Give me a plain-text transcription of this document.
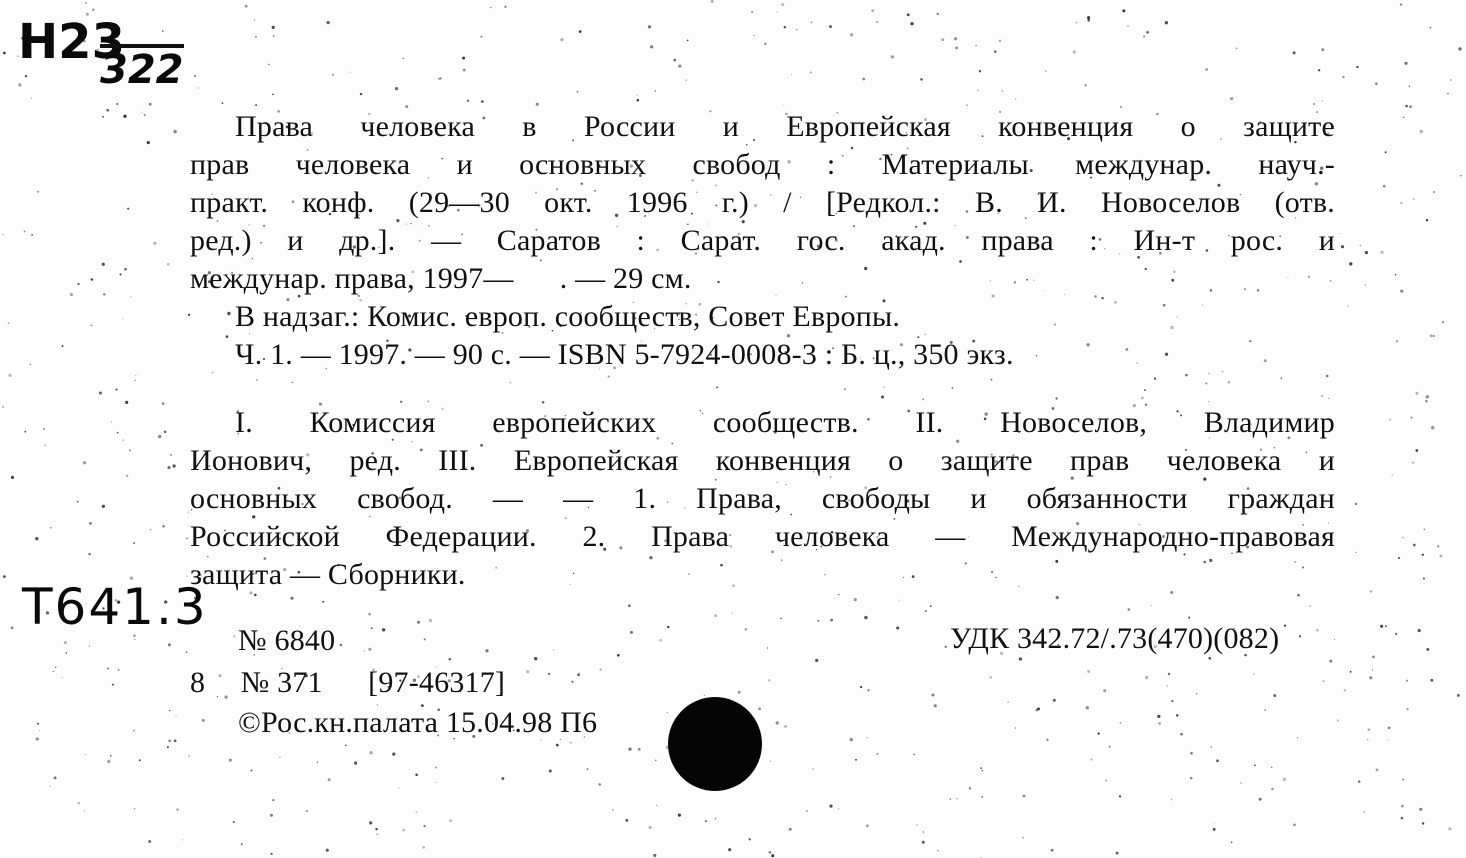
H23
322
T641.3
Права человека в России и Европейская конвенция о защите
прав человека и основных свобод : Материалы междунар. науч.-
практ. конф. (29—30 окт. 1996 г.) / [Редкол.: В. И. Новоселов (отв.
ред.) и др.]. — Саратов : Сарат. гос. акад. права : Ин-т рос. и
междунар. права, 1997—      . — 29 см.
В надзаг.: Комис. европ. сообществ, Совет Европы.
Ч. 1. — 1997. — 90 с. — ISBN 5-7924-0008-3 : Б. ц., 350 экз.
I. Комиссия европейских сообществ. II. Новоселов, Владимир
Ионович, ред. III. Европейская конвенция о защите прав человека и
основных свобод. — — 1. Права, свободы и обязанности граждан
Российской Федерации. 2. Права человека — Международно-правовая
защита — Сборники.
№ 6840	УДК 342.72/.73(470)(082)
8 № 371 [97-46317]
©Рос.кн.палата 15.04.98 П6
